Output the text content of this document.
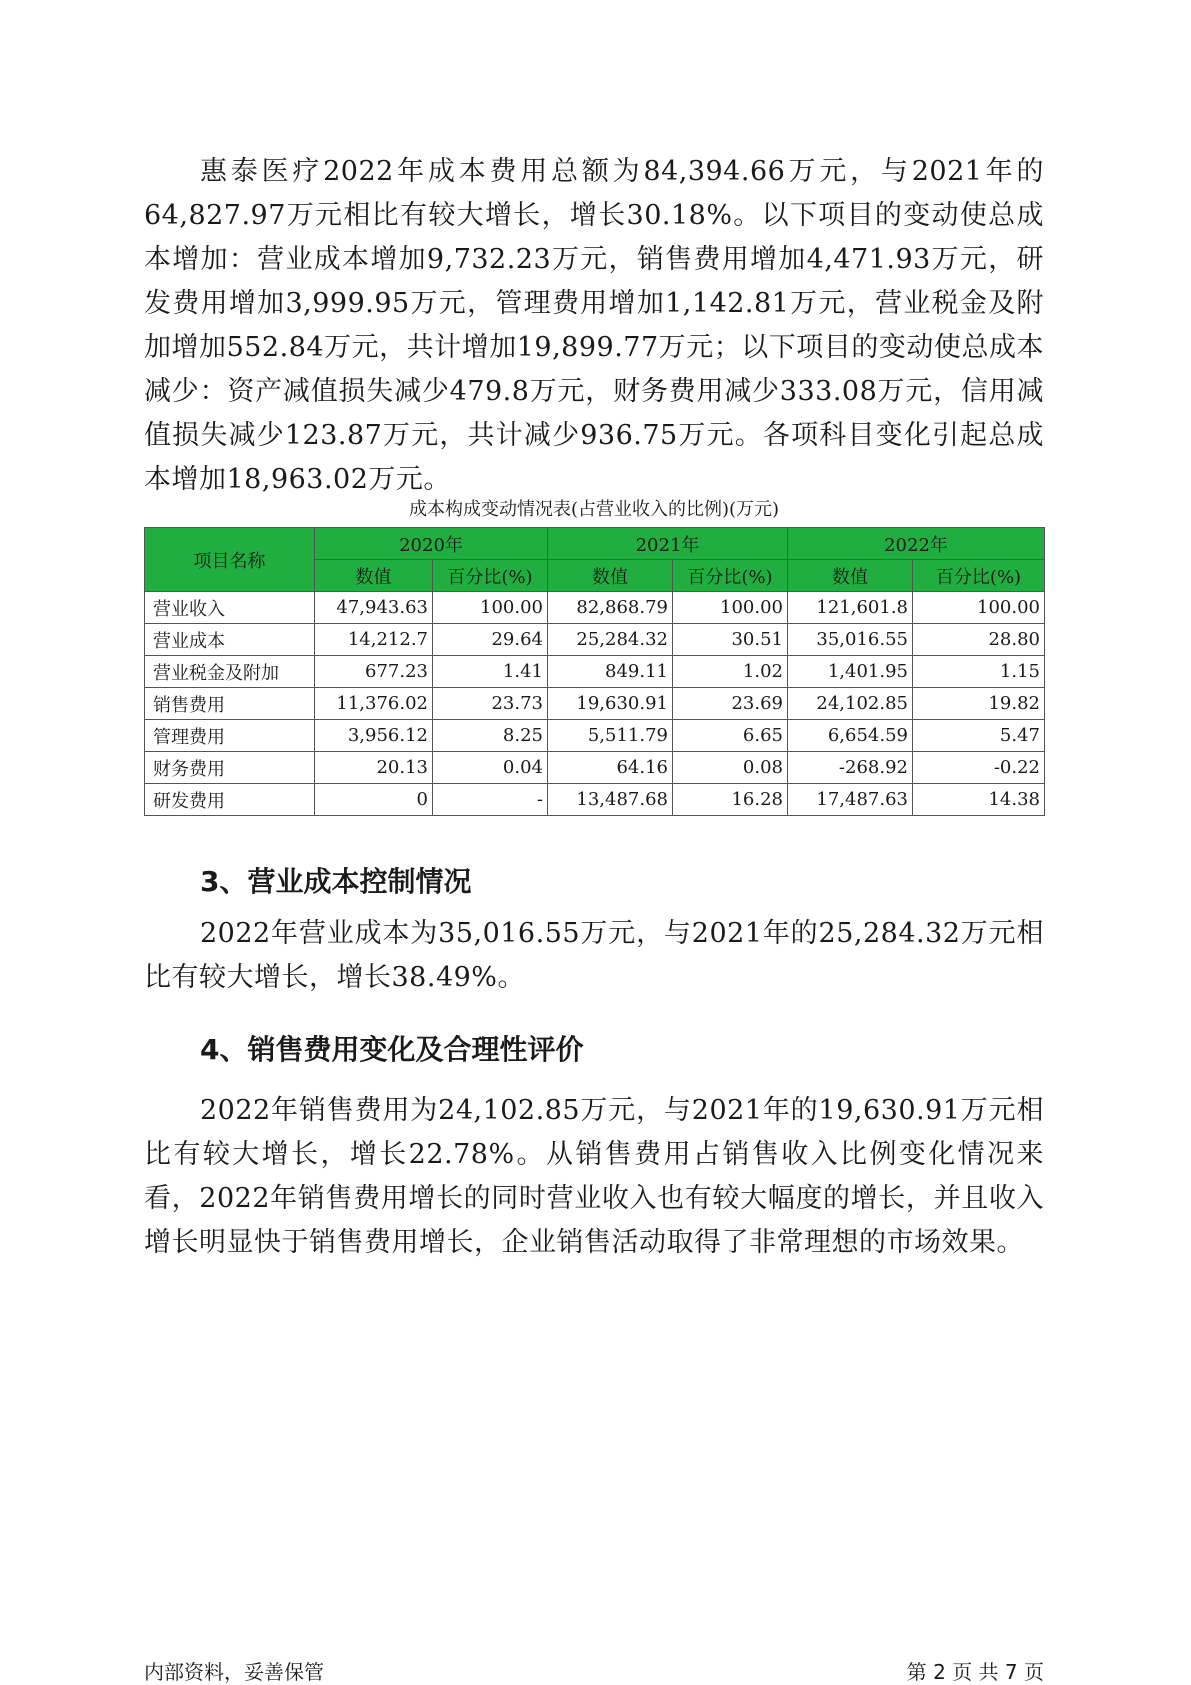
惠泰医疗2022年成本费用总额为84,394.66万元，与2021年的64,827.97万元相比有较大增长，增长30.18%。以下项目的变动使总成本增加：营业成本增加9,732.23万元，销售费用增加4,471.93万元，研发费用增加3,999.95万元，管理费用增加1,142.81万元，营业税金及附加增加552.84万元，共计增加19,899.77万元；以下项目的变动使总成本减少：资产减值损失减少479.8万元，财务费用减少333.08万元，信用减值损失减少123.87万元，共计减少936.75万元。各项科目变化引起总成本增加18,963.02万元。

成本构成变动情况表(占营业收入的比例)(万元)
项目名称	2020年		2021年		2022年	
	数值	百分比(%)	数值	百分比(%)	数值	百分比(%)
营业收入	47,943.63	100.00	82,868.79	100.00	121,601.8	100.00
营业成本	14,212.7	29.64	25,284.32	30.51	35,016.55	28.80
营业税金及附加	677.23	1.41	849.11	1.02	1,401.95	1.15
销售费用	11,376.02	23.73	19,630.91	23.69	24,102.85	19.82
管理费用	3,956.12	8.25	5,511.79	6.65	6,654.59	5.47
财务费用	20.13	0.04	64.16	0.08	-268.92	-0.22
研发费用	0	-	13,487.68	16.28	17,487.63	14.38
3、营业成本控制情况

2022年营业成本为35,016.55万元，与2021年的25,284.32万元相比有较大增长，增长38.49%。

4、销售费用变化及合理性评价

2022年销售费用为24,102.85万元，与2021年的19,630.91万元相比有较大增长，增长22.78%。从销售费用占销售收入比例变化情况来看，2022年销售费用增长的同时营业收入也有较大幅度的增长，并且收入增长明显快于销售费用增长，企业销售活动取得了非常理想的市场效果。

内部资料，妥善保管	第 2 页 共 7 页
